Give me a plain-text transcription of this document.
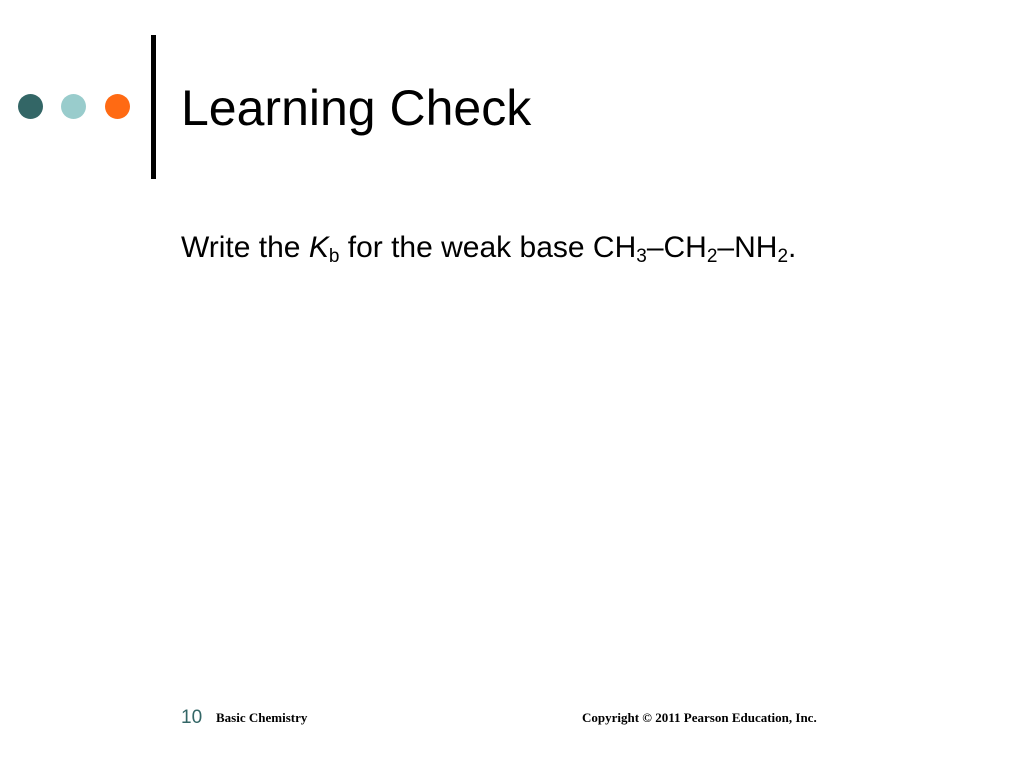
Learning Check
Write the $K_b$ for the weak base $CH_3-CH_2-NH_2$.
10 Basic Chemistry	Copyright © 2011 Pearson Education, Inc.
